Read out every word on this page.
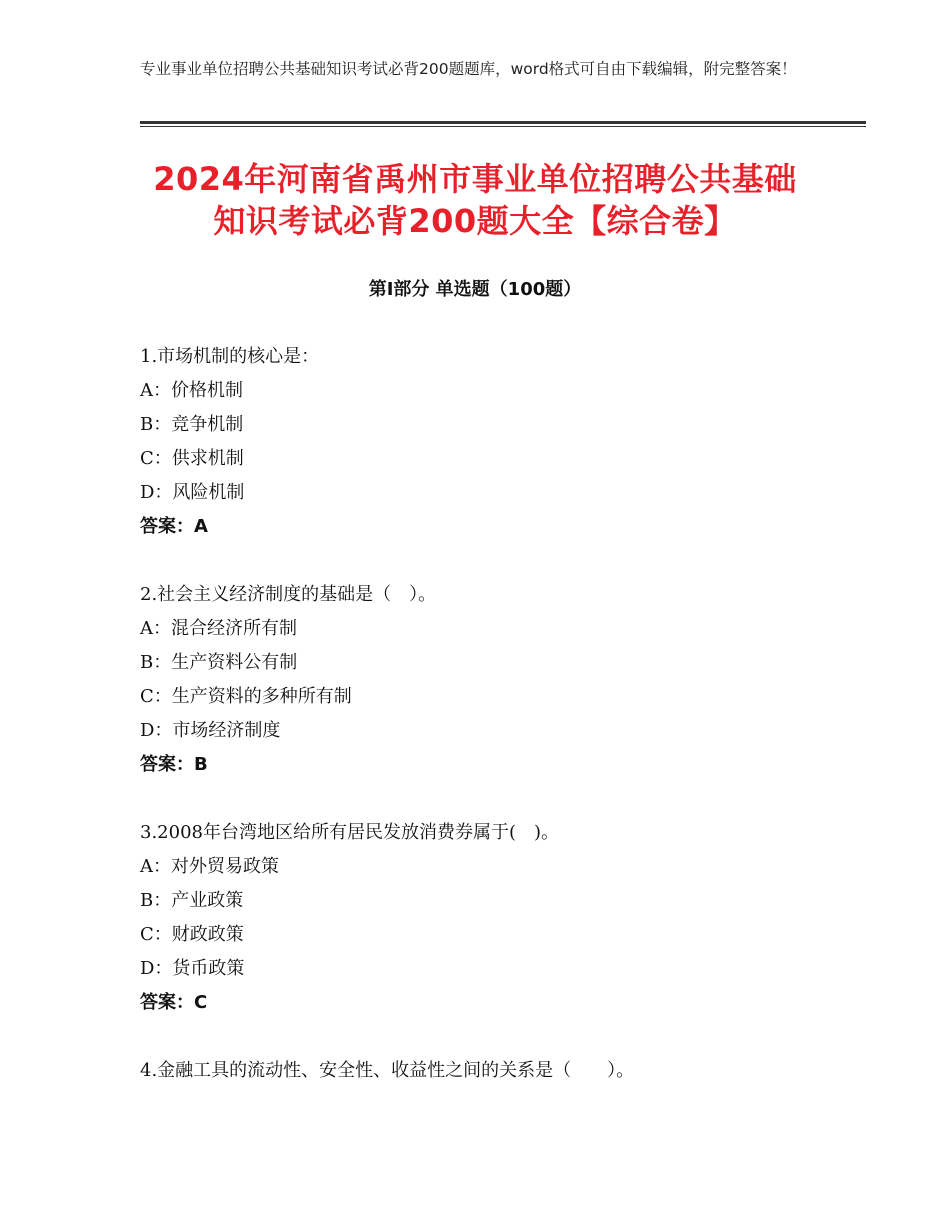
专业事业单位招聘公共基础知识考试必背200题题库，word格式可自由下载编辑，附完整答案！
2024年河南省禹州市事业单位招聘公共基础
知识考试必背200题大全【综合卷】
第Ⅰ部分 单选题（100题）
1.市场机制的核心是：
A：价格机制
B：竞争机制
C：供求机制
D：风险机制
答案：A
2.社会主义经济制度的基础是（　）。
A：混合经济所有制
B：生产资料公有制
C：生产资料的多种所有制
D：市场经济制度
答案：B
3.2008年台湾地区给所有居民发放消费券属于(　)。
A：对外贸易政策
B：产业政策
C：财政政策
D：货币政策
答案：C
4.金融工具的流动性、安全性、收益性之间的关系是（　　）。
